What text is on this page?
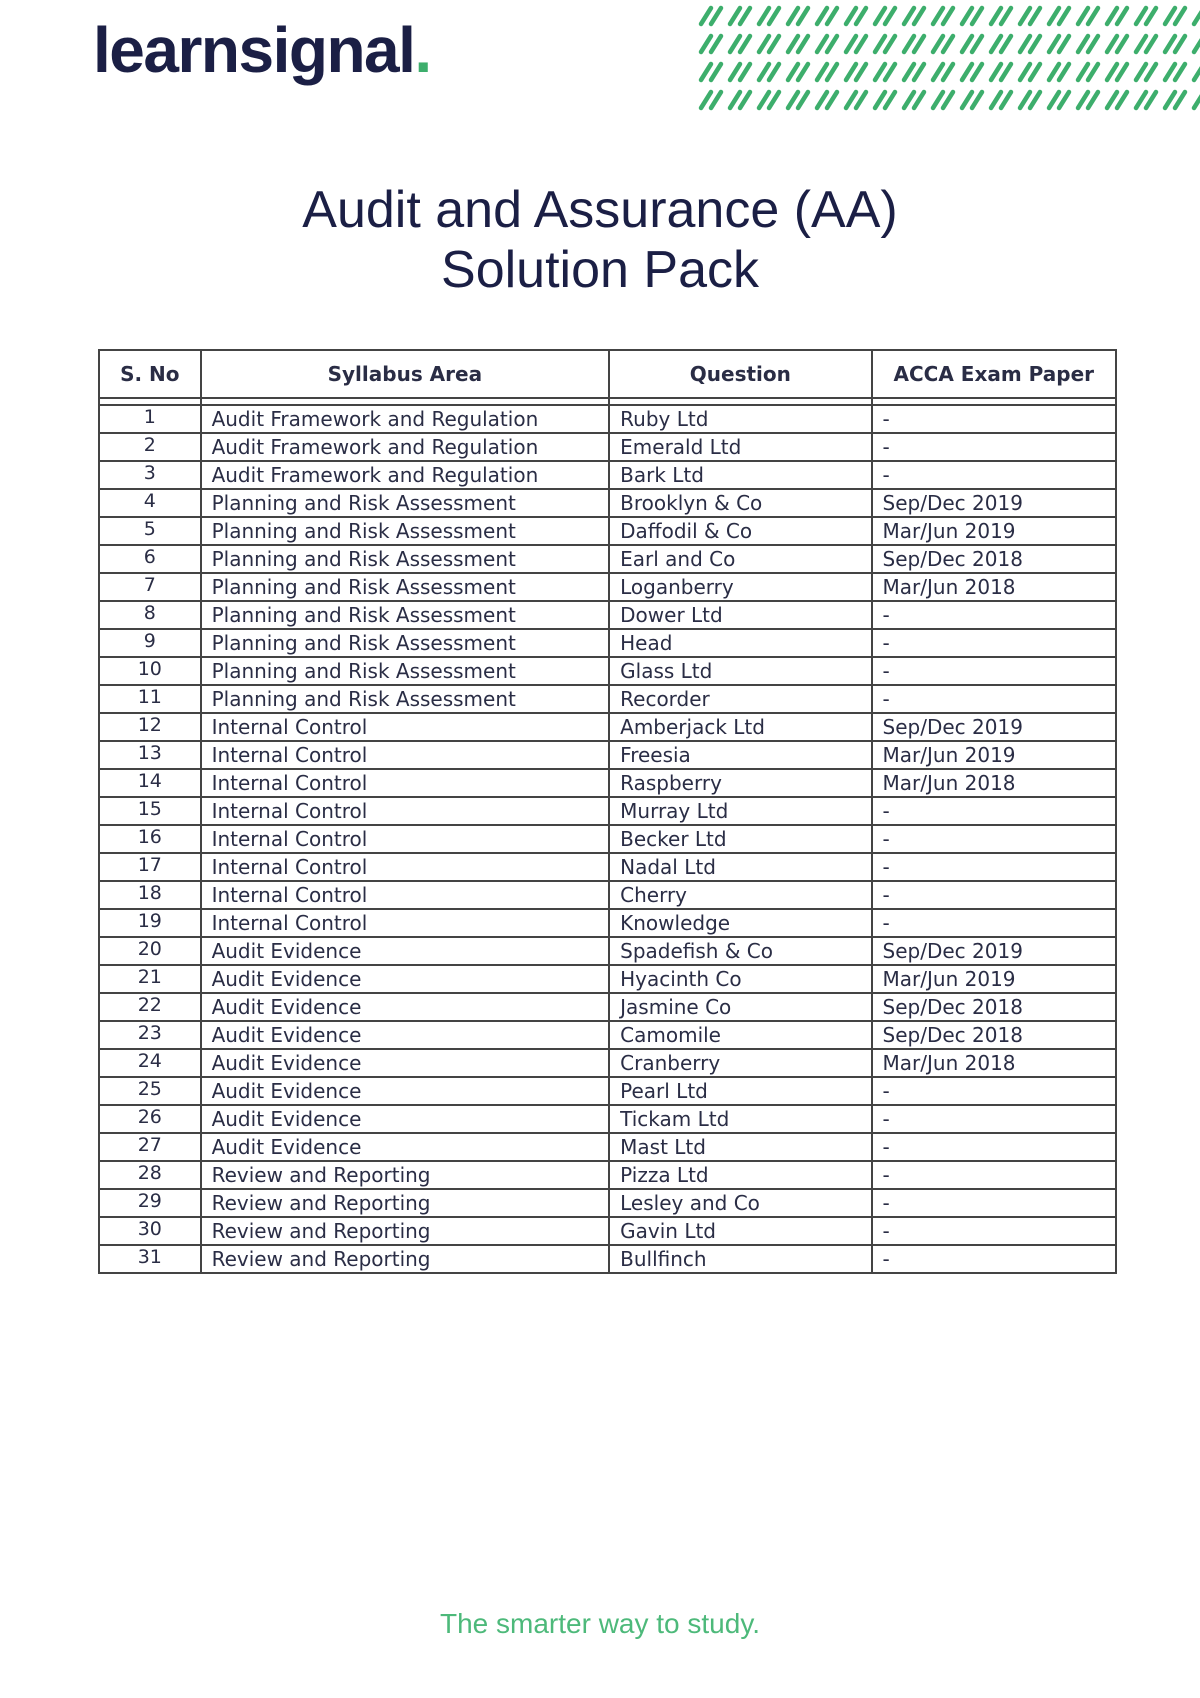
learnsignal.
Audit and Assurance (AA)
Solution Pack
S. No	Syllabus Area	Question	ACCA Exam Paper

1	Audit Framework and Regulation	Ruby Ltd	-
2	Audit Framework and Regulation	Emerald Ltd	-
3	Audit Framework and Regulation	Bark Ltd	-
4	Planning and Risk Assessment	Brooklyn & Co	Sep/Dec 2019
5	Planning and Risk Assessment	Daffodil & Co	Mar/Jun 2019
6	Planning and Risk Assessment	Earl and Co	Sep/Dec 2018
7	Planning and Risk Assessment	Loganberry	Mar/Jun 2018
8	Planning and Risk Assessment	Dower Ltd	-
9	Planning and Risk Assessment	Head	-
10	Planning and Risk Assessment	Glass Ltd	-
11	Planning and Risk Assessment	Recorder	-
12	Internal Control	Amberjack Ltd	Sep/Dec 2019
13	Internal Control	Freesia	Mar/Jun 2019
14	Internal Control	Raspberry	Mar/Jun 2018
15	Internal Control	Murray Ltd	-
16	Internal Control	Becker Ltd	-
17	Internal Control	Nadal Ltd	-
18	Internal Control	Cherry	-
19	Internal Control	Knowledge	-
20	Audit Evidence	Spadefish & Co	Sep/Dec 2019
21	Audit Evidence	Hyacinth Co	Mar/Jun 2019
22	Audit Evidence	Jasmine Co	Sep/Dec 2018
23	Audit Evidence	Camomile	Sep/Dec 2018
24	Audit Evidence	Cranberry	Mar/Jun 2018
25	Audit Evidence	Pearl Ltd	-
26	Audit Evidence	Tickam Ltd	-
27	Audit Evidence	Mast Ltd	-
28	Review and Reporting	Pizza Ltd	-
29	Review and Reporting	Lesley and Co	-
30	Review and Reporting	Gavin Ltd	-
31	Review and Reporting	Bullfinch	-
The smarter way to study.
